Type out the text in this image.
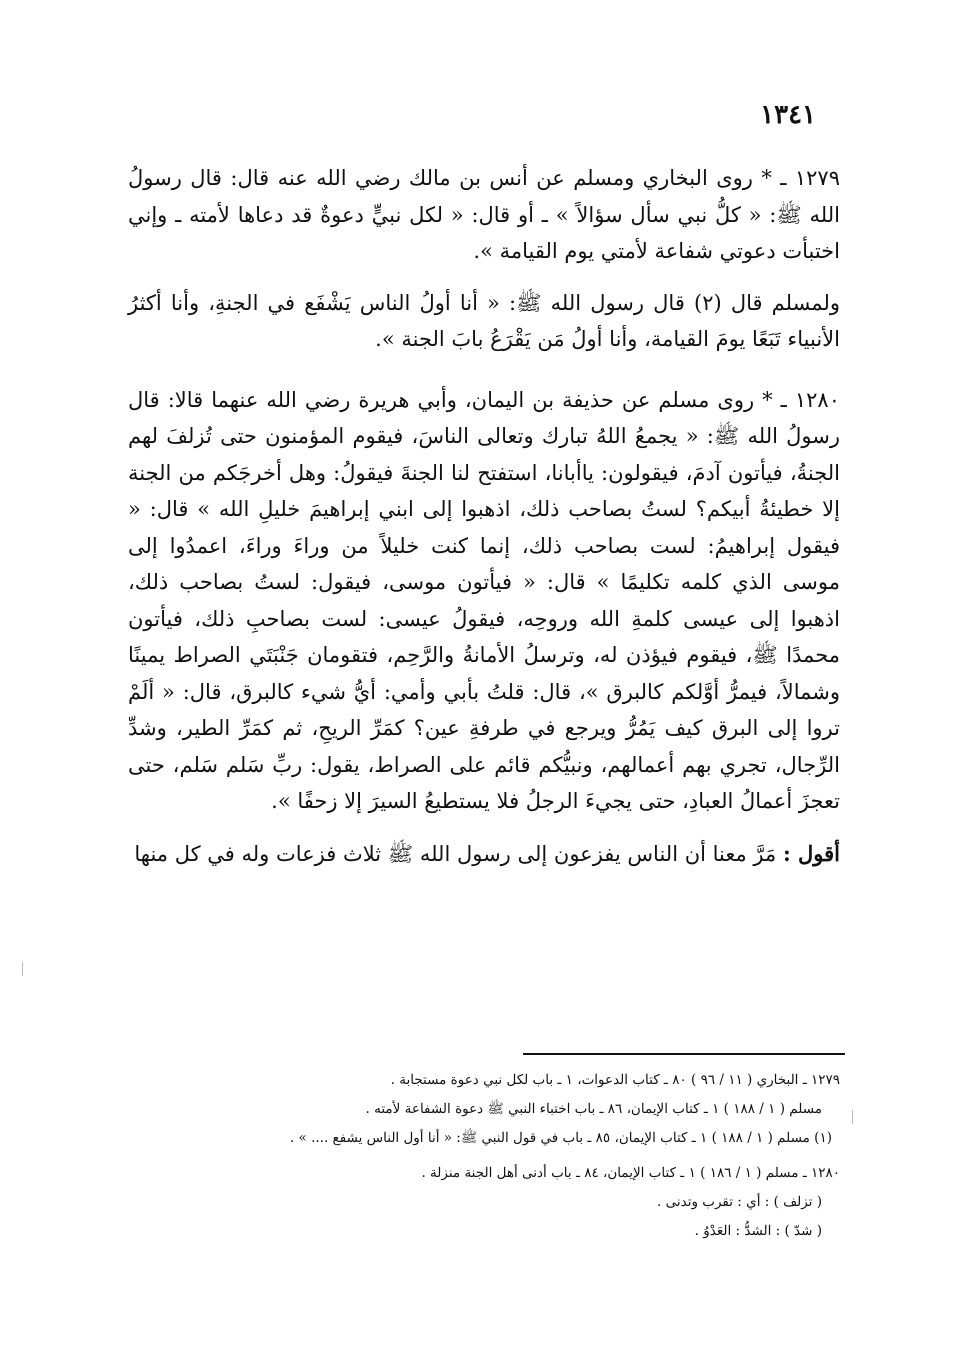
١٣٤١

١٢٧٩ ـ * روى البخاري ومسلم عن أنس بن مالك رضي الله عنه قال: قال رسولُ الله ﷺ: « كلُّ نبي سأل سؤالاً » ـ أو قال: « لكل نبيٍّ دعوةٌ قد دعاها لأمته ـ وإني اختبأت دعوتي شفاعة لأمتي يوم القيامة ».

ولمسلم قال (٢) قال رسول الله ﷺ: « أنا أولُ الناس يَشْفَع في الجنةِ، وأنا أكثرُ الأنبياء تَبَعًا يومَ القيامة، وأنا أولُ مَن يَقْرَعُ بابَ الجنة ».

١٢٨٠ ـ * روى مسلم عن حذيفة بن اليمان، وأبي هريرة رضي الله عنهما قالا: قال رسولُ الله ﷺ: « يجمعُ اللهُ تبارك وتعالى الناسَ، فيقوم المؤمنون حتى تُزلفَ لهم الجنةُ، فيأتون آدمَ، فيقولون: ياأبانا، استفتح لنا الجنةَ فيقولُ: وهل أخرجَكم من الجنة إلا خطيئةُ أبيكم؟ لستُ بصاحب ذلك، اذهبوا إلى ابني إبراهيمَ خليلِ الله » قال: « فيقول إبراهيمُ: لست بصاحب ذلك، إنما كنت خليلاً من وراءَ وراءَ، اعمدُوا إلى موسى الذي كلمه تكليمًا » قال: « فيأتون موسى، فيقول: لستُ بصاحب ذلك، اذهبوا إلى عيسى كلمةِ الله وروحِه، فيقولُ عيسى: لست بصاحبِ ذلك، فيأتون محمدًا ﷺ، فيقوم فيؤذن له، وترسلُ الأمانةُ والرَّحِم، فتقومان جَنْبَتَي الصراط يمينًا وشمالاً، فيمرُّ أوَّلكم كالبرق »، قال: قلتُ بأبي وأمي: أيُّ شيء كالبرق، قال: « ألَمْ تروا إلى البرق كيف يَمُرُّ ويرجع في طرفةِ عين؟ كمَرِّ الريحِ، ثم كمَرِّ الطير، وشدِّ الرِّجال، تجري بهم أعمالهم، ونبيُّكم قائم على الصراط، يقول: ربِّ سَلم سَلم، حتى تعجزَ أعمالُ العبادِ، حتى يجيءَ الرجلُ فلا يستطيعُ السيرَ إلا زحفًا ».

أقول : مَرَّ معنا أن الناس يفزعون إلى رسول الله ﷺ ثلاث فزعات وله في كل منها

١٢٧٩ ـ البخاري ( ١١ / ٩٦ ) ٨٠ ـ كتاب الدعوات، ١ ـ باب لكل نبي دعوة مستجابة .
مسلم ( ١ / ١٨٨ ) ١ ـ كتاب الإيمان، ٨٦ ـ باب اختباء النبي ﷺ دعوة الشفاعة لأمته .
(١) مسلم ( ١ / ١٨٨ ) ١ ـ كتاب الإيمان، ٨٥ ـ باب في قول النبي ﷺ: « أنا أول الناس يشفع .... » .
١٢٨٠ ـ مسلم ( ١ / ١٨٦ ) ١ ـ كتاب الإيمان، ٨٤ ـ باب أدنى أهل الجنة منزلة .
( تزلف ) : أي : تقرب وتدنى .
( شدّ ) : الشدُّ : العَدْوُ .
